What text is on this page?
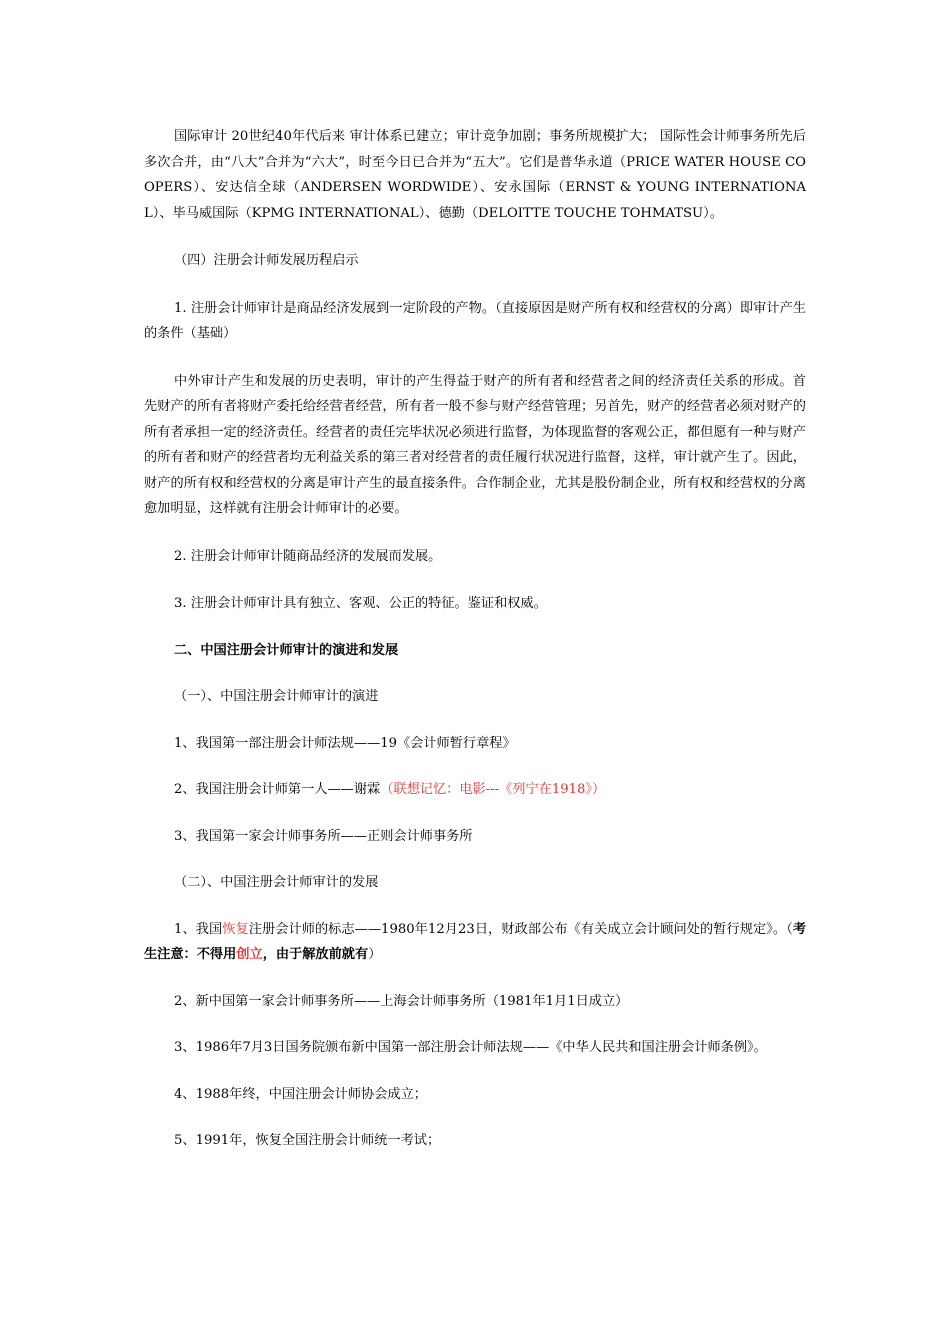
国际审计 20世纪40年代后来 审计体系已建立；审计竞争加剧；事务所规模扩大； 国际性会计师事务所先后多次合并，由“八大”合并为“六大”，时至今日已合并为“五大”。它们是普华永道（PRICE WATER HOUSE COOPERS）、安达信全球（ANDERSEN WORDWIDE）、安永国际（ERNST & YOUNG INTERNATIONAL）、毕马威国际（KPMG INTERNATIONAL）、德勤（DELOITTE TOUCHE TOHMATSU）。

（四）注册会计师发展历程启示

1. 注册会计师审计是商品经济发展到一定阶段的产物。（直接原因是财产所有权和经营权的分离）即审计产生的条件（基础）

中外审计产生和发展的历史表明，审计的产生得益于财产的所有者和经营者之间的经济责任关系的形成。首先财产的所有者将财产委托给经营者经营，所有者一般不参与财产经营管理；另首先，财产的经营者必须对财产的所有者承担一定的经济责任。经营者的责任完毕状况必须进行监督，为体现监督的客观公正，都但愿有一种与财产的所有者和财产的经营者均无利益关系的第三者对经营者的责任履行状况进行监督，这样，审计就产生了。因此，财产的所有权和经营权的分离是审计产生的最直接条件。合作制企业，尤其是股份制企业，所有权和经营权的分离愈加明显，这样就有注册会计师审计的必要。

2. 注册会计师审计随商品经济的发展而发展。

3. 注册会计师审计具有独立、客观、公正的特征。鉴证和权威。

二、中国注册会计师审计的演进和发展

（一）、中国注册会计师审计的演进

1、我国第一部注册会计师法规——19《会计师暂行章程》

2、我国注册会计师第一人——谢霖（联想记忆：电影---《列宁在1918》）

3、我国第一家会计师事务所——正则会计师事务所

（二）、中国注册会计师审计的发展

1、我国恢复注册会计师的标志——1980年12月23日，财政部公布《有关成立会计顾问处的暂行规定》。（考生注意：不得用创立，由于解放前就有）

2、新中国第一家会计师事务所——上海会计师事务所（1981年1月1日成立）

3、1986年7月3日国务院颁布新中国第一部注册会计师法规——《中华人民共和国注册会计师条例》。

4、1988年终，中国注册会计师协会成立；

5、1991年，恢复全国注册会计师统一考试；
